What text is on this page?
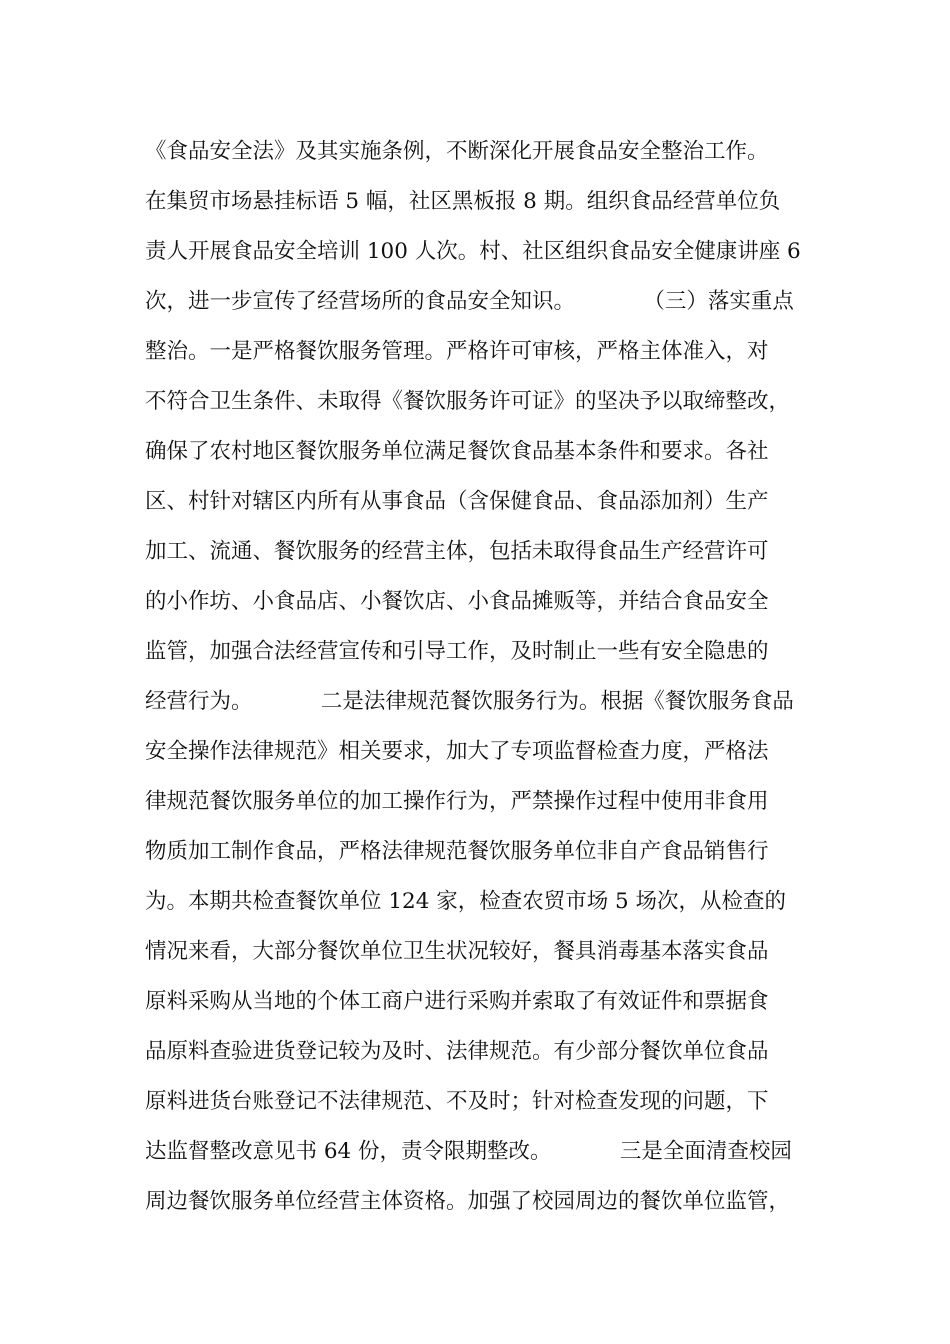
《食品安全法》及其实施条例，不断深化开展食品安全整治工作。
在集贸市场悬挂标语 5 幅，社区黑板报 8 期。组织食品经营单位负
责人开展食品安全培训 100 人次。村、社区组织食品安全健康讲座 6
次，进一步宣传了经营场所的食品安全知识。          （三）落实重点
整治。一是严格餐饮服务管理。严格许可审核，严格主体准入，对
不符合卫生条件、未取得《餐饮服务许可证》的坚决予以取缔整改，
确保了农村地区餐饮服务单位满足餐饮食品基本条件和要求。各社
区、村针对辖区内所有从事食品（含保健食品、食品添加剂）生产
加工、流通、餐饮服务的经营主体，包括未取得食品生产经营许可
的小作坊、小食品店、小餐饮店、小食品摊贩等，并结合食品安全
监管，加强合法经营宣传和引导工作，及时制止一些有安全隐患的
经营行为。          二是法律规范餐饮服务行为。根据《餐饮服务食品
安全操作法律规范》相关要求，加大了专项监督检查力度，严格法
律规范餐饮服务单位的加工操作行为，严禁操作过程中使用非食用
物质加工制作食品，严格法律规范餐饮服务单位非自产食品销售行
为。本期共检查餐饮单位 124 家，检查农贸市场 5 场次，从检查的
情况来看，大部分餐饮单位卫生状况较好，餐具消毒基本落实食品
原料采购从当地的个体工商户进行采购并索取了有效证件和票据食
品原料查验进货登记较为及时、法律规范。有少部分餐饮单位食品
原料进货台账登记不法律规范、不及时；针对检查发现的问题，下
达监督整改意见书 64 份，责令限期整改。          三是全面清查校园
周边餐饮服务单位经营主体资格。加强了校园周边的餐饮单位监管，
